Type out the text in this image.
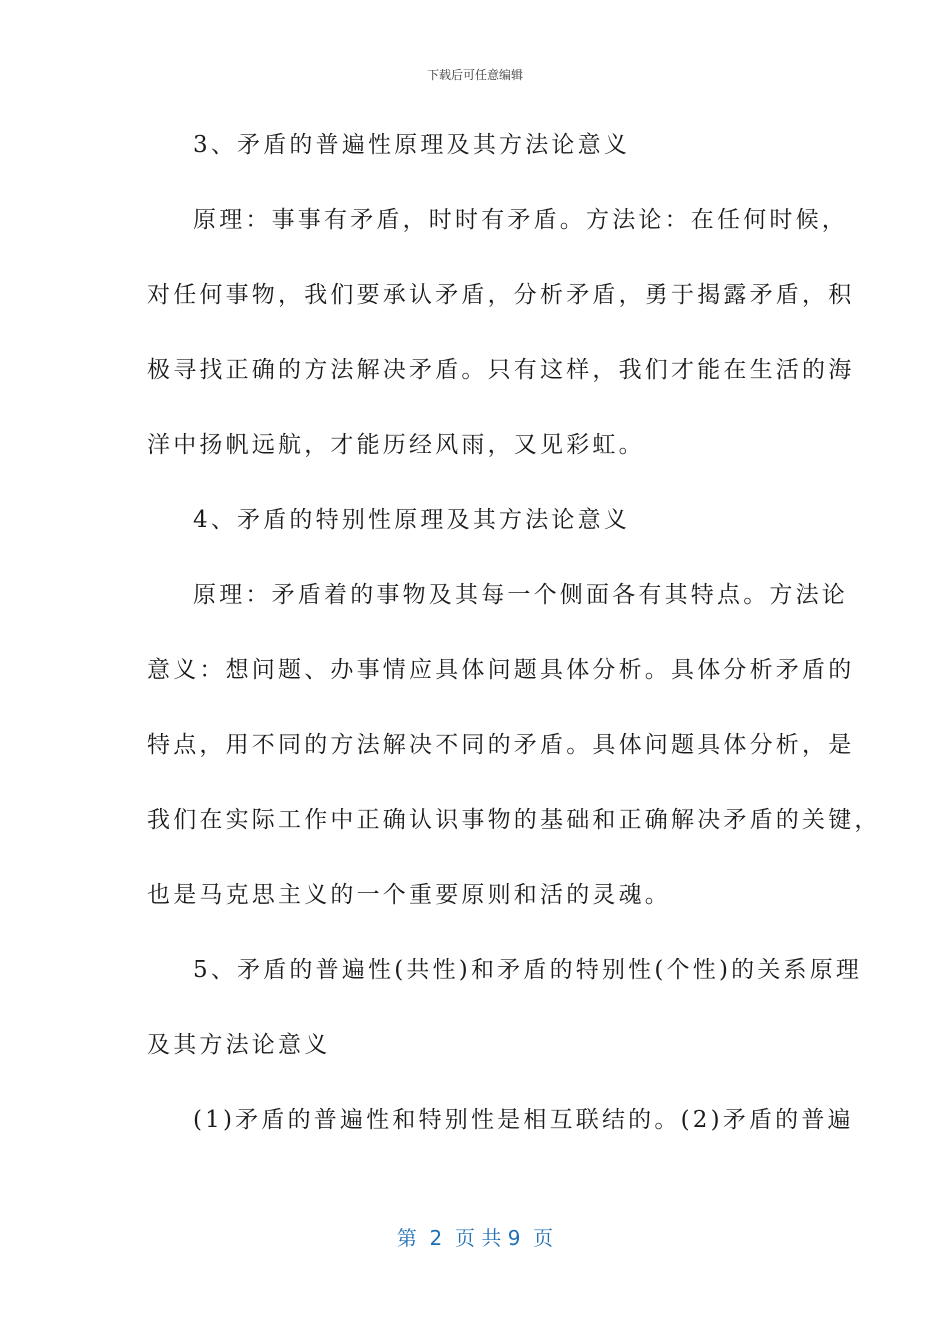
下载后可任意编辑
3、矛盾的普遍性原理及其方法论意义
原理：事事有矛盾，时时有矛盾。方法论：在任何时候，
对任何事物，我们要承认矛盾，分析矛盾，勇于揭露矛盾，积
极寻找正确的方法解决矛盾。只有这样，我们才能在生活的海
洋中扬帆远航，才能历经风雨，又见彩虹。
4、矛盾的特别性原理及其方法论意义
原理：矛盾着的事物及其每一个侧面各有其特点。方法论
意义：想问题、办事情应具体问题具体分析。具体分析矛盾的
特点，用不同的方法解决不同的矛盾。具体问题具体分析，是
我们在实际工作中正确认识事物的基础和正确解决矛盾的关键，
也是马克思主义的一个重要原则和活的灵魂。
5、矛盾的普遍性(共性)和矛盾的特别性(个性)的关系原理
及其方法论意义
(1)矛盾的普遍性和特别性是相互联结的。(2)矛盾的普遍
第  2  页 共 9  页
